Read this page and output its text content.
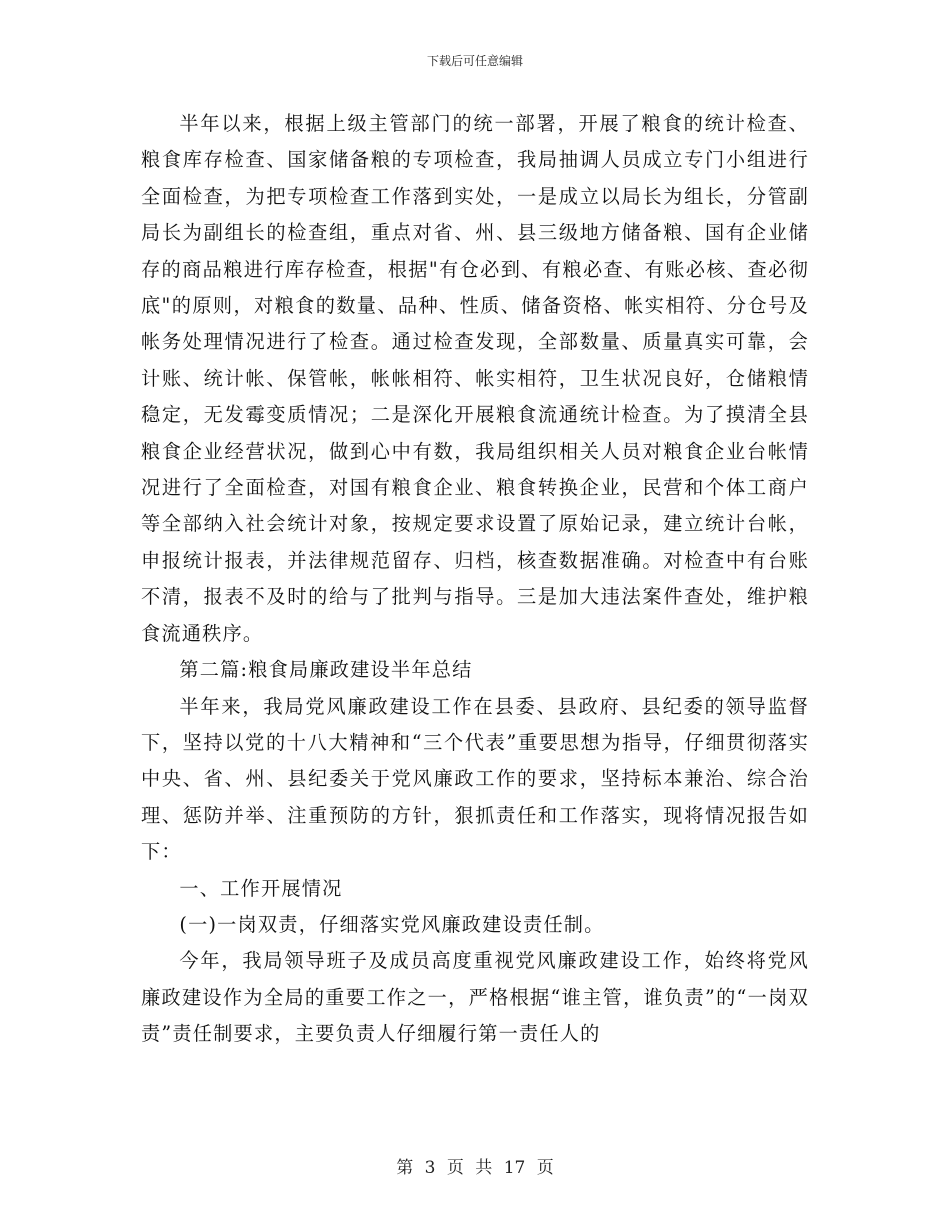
下载后可任意编辑

半年以来，根据上级主管部门的统一部署，开展了粮食的统计检查、粮食库存检查、国家储备粮的专项检查，我局抽调人员成立专门小组进行全面检查，为把专项检查工作落到实处，一是成立以局长为组长，分管副局长为副组长的检查组，重点对省、州、县三级地方储备粮、国有企业储存的商品粮进行库存检查，根据"有仓必到、有粮必查、有账必核、查必彻底"的原则，对粮食的数量、品种、性质、储备资格、帐实相符、分仓号及帐务处理情况进行了检查。通过检查发现，全部数量、质量真实可靠，会计账、统计帐、保管帐，帐帐相符、帐实相符，卫生状况良好，仓储粮情稳定，无发霉变质情况；二是深化开展粮食流通统计检查。为了摸清全县粮食企业经营状况，做到心中有数，我局组织相关人员对粮食企业台帐情况进行了全面检查，对国有粮食企业、粮食转换企业，民营和个体工商户等全部纳入社会统计对象，按规定要求设置了原始记录，建立统计台帐，申报统计报表，并法律规范留存、归档，核查数据准确。对检查中有台账不清，报表不及时的给与了批判与指导。三是加大违法案件查处，维护粮食流通秩序。

第二篇:粮食局廉政建设半年总结

半年来，我局党风廉政建设工作在县委、县政府、县纪委的领导监督下，坚持以党的十八大精神和“三个代表”重要思想为指导，仔细贯彻落实中央、省、州、县纪委关于党风廉政工作的要求，坚持标本兼治、综合治理、惩防并举、注重预防的方针，狠抓责任和工作落实，现将情况报告如下：

一、工作开展情况

(一)一岗双责，仔细落实党风廉政建设责任制。

今年，我局领导班子及成员高度重视党风廉政建设工作，始终将党风廉政建设作为全局的重要工作之一，严格根据“谁主管，谁负责”的“一岗双责”责任制要求，主要负责人仔细履行第一责任人的

第 3 页 共 17 页
